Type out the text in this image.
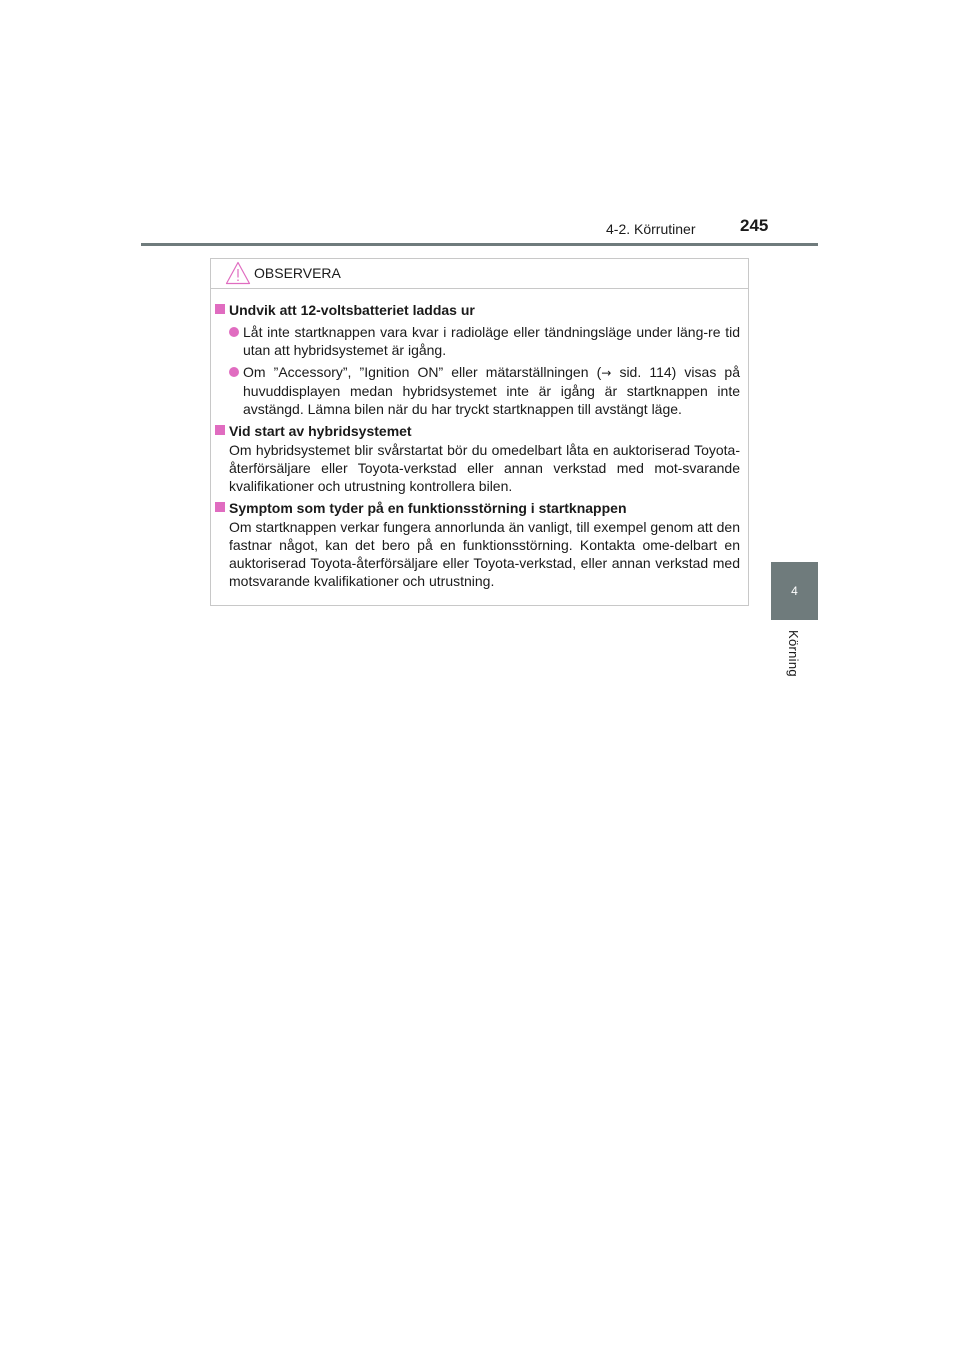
4-2. Körrutiner	245
4
Körning
OBSERVERA
Undvik att 12-voltsbatteriet laddas ur
Låt inte startknappen vara kvar i radioläge eller tändningsläge under läng-re tid utan att hybridsystemet är igång.
Om ”Accessory”, ”Ignition ON” eller mätarställningen (→ sid. 114) visas på huvuddisplayen medan hybridsystemet inte är igång är startknappen inte avstängd. Lämna bilen när du har tryckt startknappen till avstängt läge.
Vid start av hybridsystemet
Om hybridsystemet blir svårstartat bör du omedelbart låta en auktoriserad Toyota-återförsäljare eller Toyota-verkstad eller annan verkstad med mot-svarande kvalifikationer och utrustning kontrollera bilen.
Symptom som tyder på en funktionsstörning i startknappen
Om startknappen verkar fungera annorlunda än vanligt, till exempel genom att den fastnar något, kan det bero på en funktionsstörning. Kontakta ome-delbart en auktoriserad Toyota-återförsäljare eller Toyota-verkstad, eller annan verkstad med motsvarande kvalifikationer och utrustning.
